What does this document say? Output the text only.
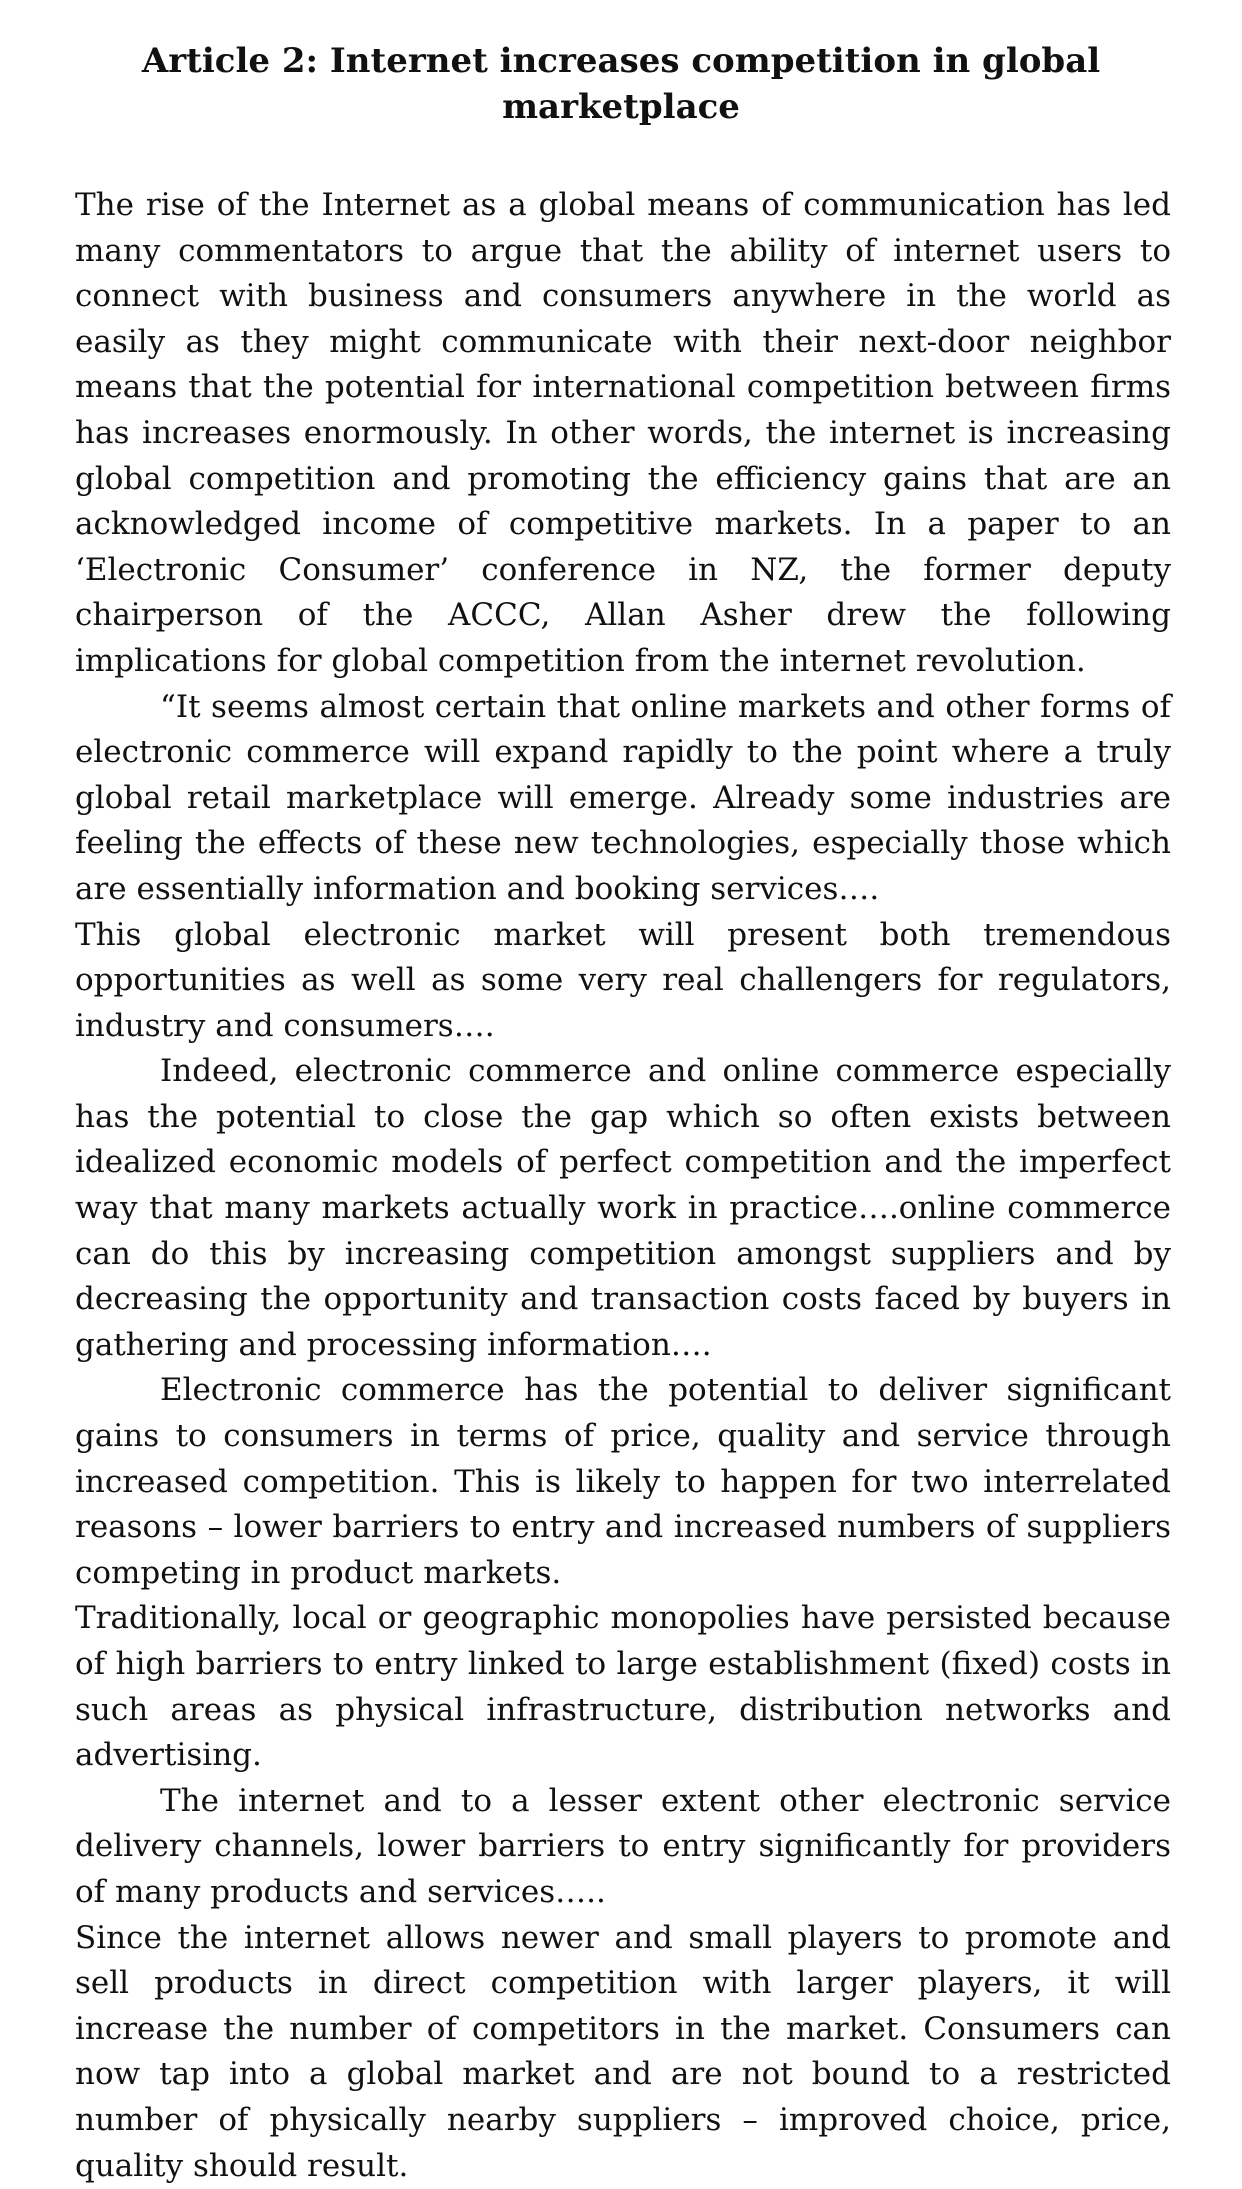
Article 2: Internet increases competition in global marketplace

The rise of the Internet as a global means of communication has led many commentators to argue that the ability of internet users to connect with business and consumers anywhere in the world as easily as they might communicate with their next-door neighbor means that the potential for international competition between firms has increases enormously. In other words, the internet is increasing global competition and promoting the efficiency gains that are an acknowledged income of competitive markets. In a paper to an ‘Electronic Consumer’ conference in NZ, the former deputy chairperson of the ACCC, Allan Asher drew the following implications for global competition from the internet revolution.

“It seems almost certain that online markets and other forms of electronic commerce will expand rapidly to the point where a truly global retail marketplace will emerge. Already some industries are feeling the effects of these new technologies, especially those which are essentially information and booking services….

This global electronic market will present both tremendous opportunities as well as some very real challengers for regulators, industry and consumers….

Indeed, electronic commerce and online commerce especially has the potential to close the gap which so often exists between idealized economic models of perfect competition and the imperfect way that many markets actually work in practice….online commerce can do this by increasing competition amongst suppliers and by decreasing the opportunity and transaction costs faced by buyers in gathering and processing information….

Electronic commerce has the potential to deliver significant gains to consumers in terms of price, quality and service through increased competition. This is likely to happen for two interrelated reasons – lower barriers to entry and increased numbers of suppliers competing in product markets.

Traditionally, local or geographic monopolies have persisted because of high barriers to entry linked to large establishment (fixed) costs in such areas as physical infrastructure, distribution networks and advertising.

The internet and to a lesser extent other electronic service delivery channels, lower barriers to entry significantly for providers of many products and services…..

Since the internet allows newer and small players to promote and sell products in direct competition with larger players, it will increase the number of competitors in the market. Consumers can now tap into a global market and are not bound to a restricted number of physically nearby suppliers – improved choice, price, quality should result.
